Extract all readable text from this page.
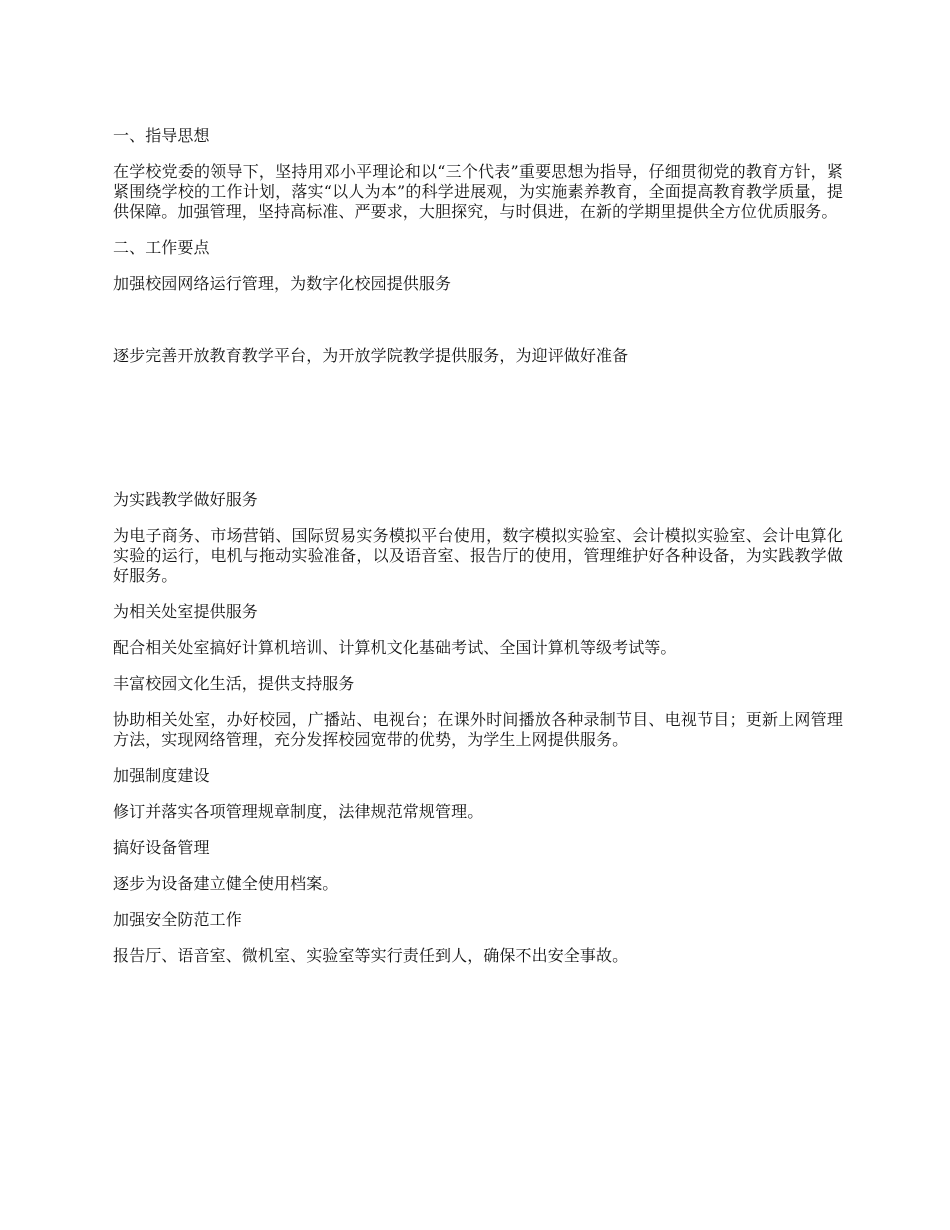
一、指导思想

在学校党委的领导下，坚持用邓小平理论和以“三个代表”重要思想为指导，仔细贯彻党的教育方针，紧紧围绕学校的工作计划，落实“以人为本”的科学进展观，为实施素养教育，全面提高教育教学质量，提供保障。加强管理，坚持高标准、严要求，大胆探究，与时俱进，在新的学期里提供全方位优质服务。

二、工作要点

加强校园网络运行管理，为数字化校园提供服务

逐步完善开放教育教学平台，为开放学院教学提供服务，为迎评做好准备

为实践教学做好服务

为电子商务、市场营销、国际贸易实务模拟平台使用，数字模拟实验室、会计模拟实验室、会计电算化实验的运行，电机与拖动实验准备，以及语音室、报告厅的使用，管理维护好各种设备，为实践教学做好服务。

为相关处室提供服务

配合相关处室搞好计算机培训、计算机文化基础考试、全国计算机等级考试等。

丰富校园文化生活，提供支持服务

协助相关处室，办好校园，广播站、电视台；在课外时间播放各种录制节目、电视节目；更新上网管理方法，实现网络管理，充分发挥校园宽带的优势，为学生上网提供服务。

加强制度建设

修订并落实各项管理规章制度，法律规范常规管理。

搞好设备管理

逐步为设备建立健全使用档案。

加强安全防范工作

报告厅、语音室、微机室、实验室等实行责任到人，确保不出安全事故。
